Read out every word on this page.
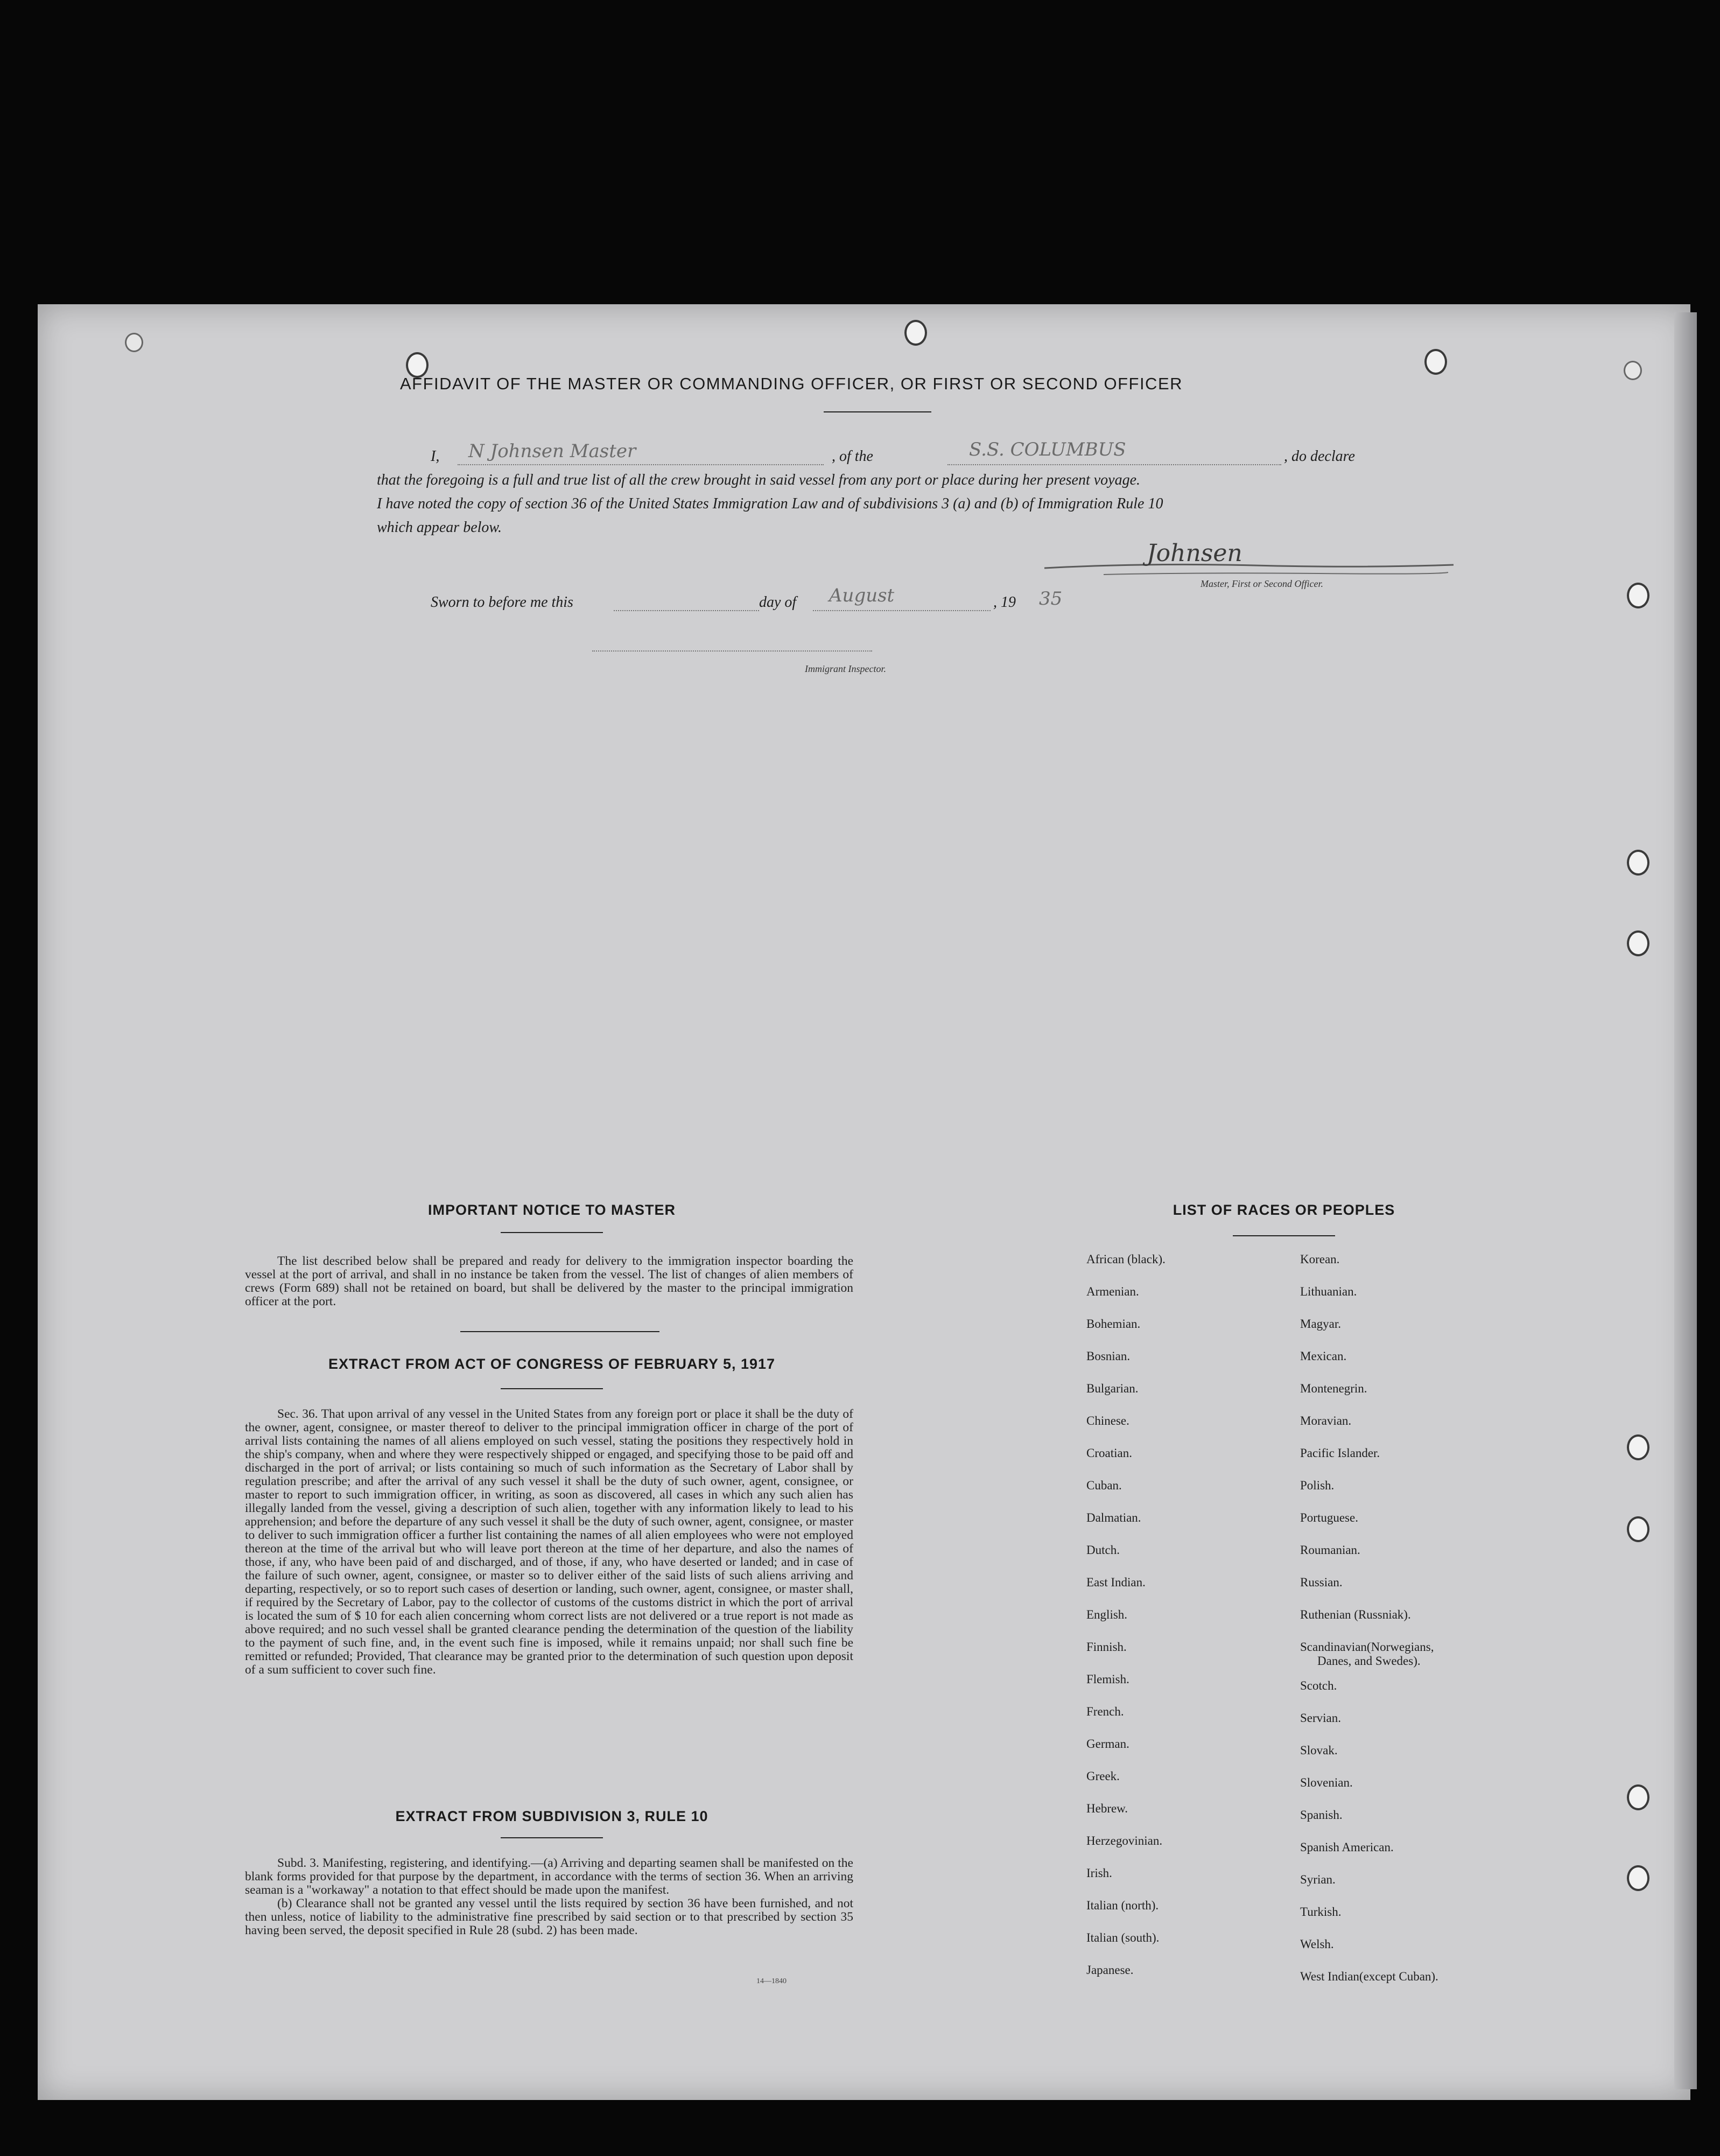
AFFIDAVIT OF THE MASTER OR COMMANDING OFFICER, OR FIRST OR SECOND OFFICER
I, N Johnsen Master	, of the	S.S. COLUMBUS	, do declare
that the foregoing is a full and true list of all the crew brought in said vessel from any port or place during her present voyage.
I have noted the copy of section 36 of the United States Immigration Law and of subdivisions 3 (a) and (b) of Immigration Rule 10
which appear below.
Johnsen
Master, First or Second Officer.
Sworn to before me this	day of August	, 19 35
Immigrant Inspector.
IMPORTANT NOTICE TO MASTER

The list described below shall be prepared and ready for delivery to the immigration inspector boarding the vessel at the port of arrival, and shall in no instance be taken from the vessel. The list of changes of alien members of crews (Form 689) shall not be retained on board, but shall be delivered by the master to the principal immigration officer at the port.

EXTRACT FROM ACT OF CONGRESS OF FEBRUARY 5, 1917

Sec. 36. That upon arrival of any vessel in the United States from any foreign port or place it shall be the duty of the owner, agent, consignee, or master thereof to deliver to the principal immigration officer in charge of the port of arrival lists containing the names of all aliens employed on such vessel, stating the positions they respectively hold in the ship's company, when and where they were respectively shipped or engaged, and specifying those to be paid off and discharged in the port of arrival; or lists containing so much of such information as the Secretary of Labor shall by regulation prescribe; and after the arrival of any such vessel it shall be the duty of such owner, agent, consignee, or master to report to such immigration officer, in writing, as soon as discovered, all cases in which any such alien has illegally landed from the vessel, giving a description of such alien, together with any information likely to lead to his apprehension; and before the departure of any such vessel it shall be the duty of such owner, agent, consignee, or master to deliver to such immigration officer a further list containing the names of all alien employees who were not employed thereon at the time of the arrival but who will leave port thereon at the time of her departure, and also the names of those, if any, who have been paid of and discharged, and of those, if any, who have deserted or landed; and in case of the failure of such owner, agent, consignee, or master so to deliver either of the said lists of such aliens arriving and departing, respectively, or so to report such cases of desertion or landing, such owner, agent, consignee, or master shall, if required by the Secretary of Labor, pay to the collector of customs of the customs district in which the port of arrival is located the sum of $ 10 for each alien concerning whom correct lists are not delivered or a true report is not made as above required; and no such vessel shall be granted clearance pending the determination of the question of the liability to the payment of such fine, and, in the event such fine is imposed, while it remains unpaid; nor shall such fine be remitted or refunded; Provided, That clearance may be granted prior to the determination of such question upon deposit of a sum sufficient to cover such fine.

EXTRACT FROM SUBDIVISION 3, RULE 10

Subd. 3. Manifesting, registering, and identifying.—(a) Arriving and departing seamen shall be manifested on the blank forms provided for that purpose by the department, in accordance with the terms of section 36. When an arriving seaman is a "workaway" a notation to that effect should be made upon the manifest.

(b) Clearance shall not be granted any vessel until the lists required by section 36 have been furnished, and not then unless, notice of liability to the administrative fine prescribed by said section or to that prescribed by section 35 having been served, the deposit specified in Rule 28 (subd. 2) has been made.

14—1840
LIST OF RACES OR PEOPLES
African (black).
Armenian.
Bohemian.
Bosnian.
Bulgarian.
Chinese.
Croatian.
Cuban.
Dalmatian.
Dutch.
East Indian.
English.
Finnish.
Flemish.
French.
German.
Greek.
Hebrew.
Herzegovinian.
Irish.
Italian (north).
Italian (south).
Japanese.
Korean.
Lithuanian.
Magyar.
Mexican.
Montenegrin.
Moravian.
Pacific Islander.
Polish.
Portuguese.
Roumanian.
Russian.
Ruthenian (Russniak).
Scandinavian(Norwegians,
Scotch.
Servian.
Slovak.
Slovenian.
Spanish.
Spanish American.
Syrian.
Turkish.
Welsh.
West Indian(except Cuban).
Danes, and Swedes).
